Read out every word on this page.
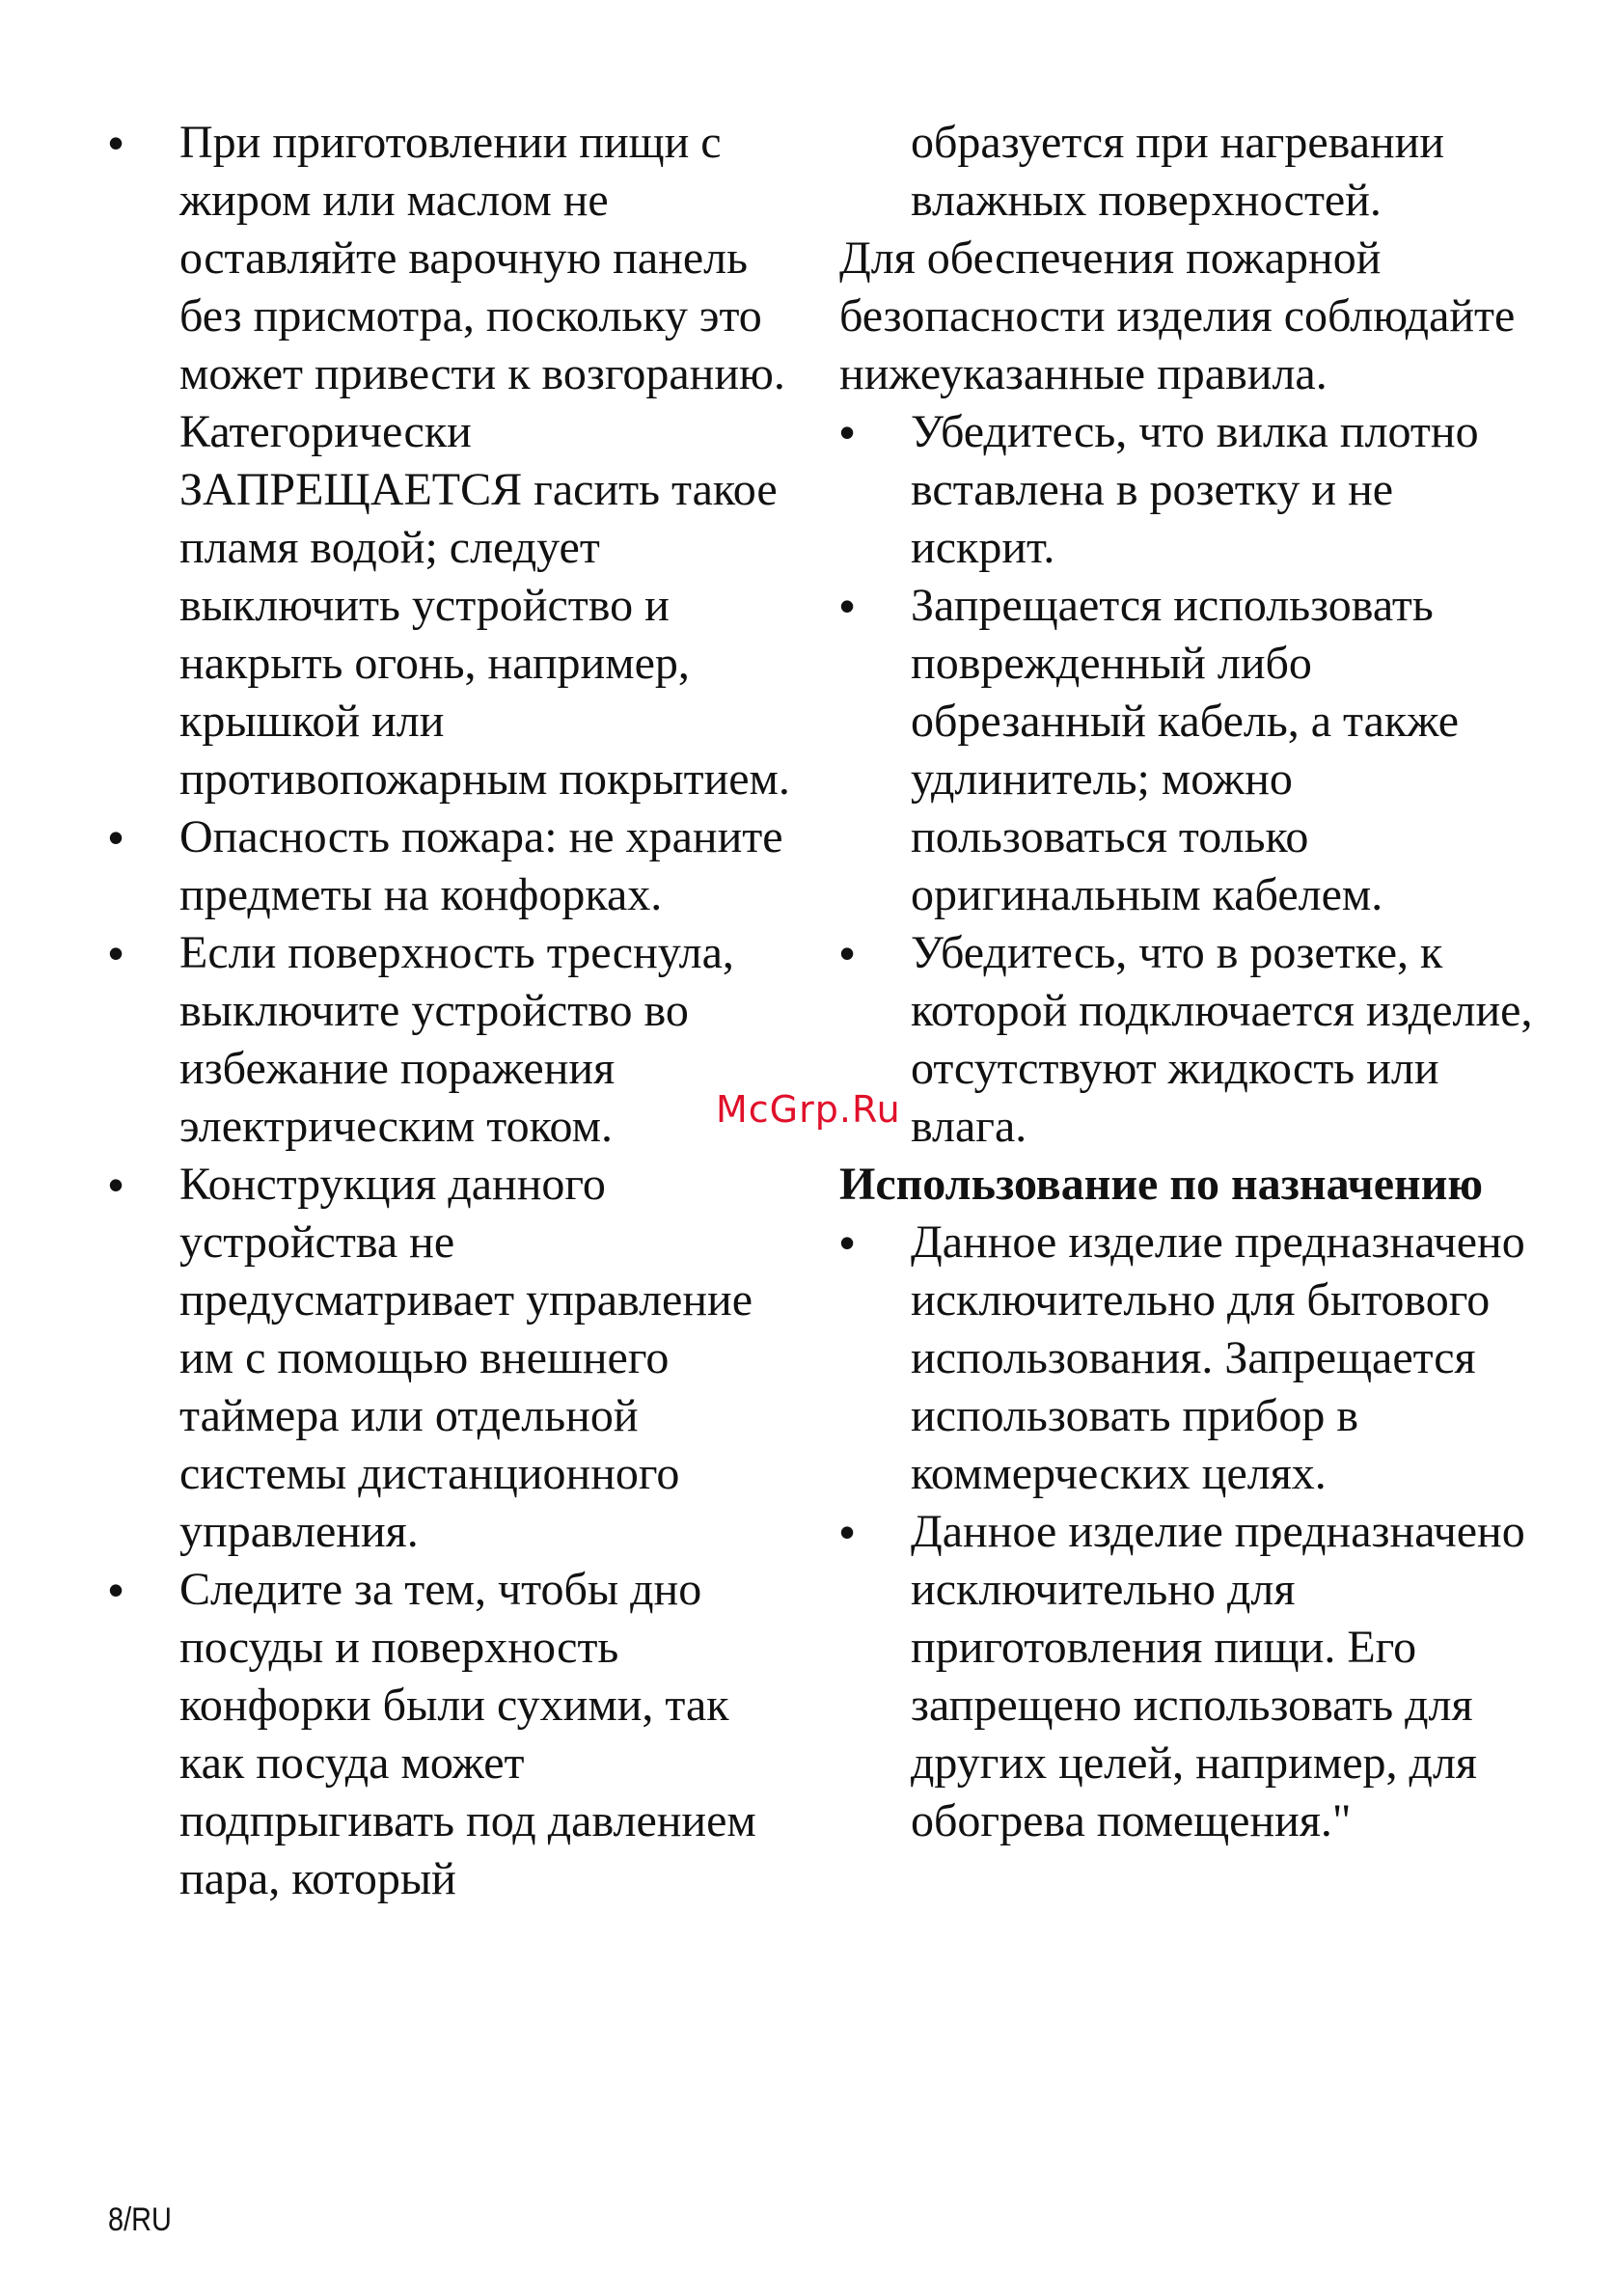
• При приготовлении пищи с жиром или маслом не оставляйте варочную панель без присмотра, поскольку это может привести к возгоранию. Категорически ЗАПРЕЩАЕТСЯ гасить такое пламя водой; следует выключить устройство и накрыть огонь, например, крышкой или противопожарным покрытием.
• Опасность пожара: не храните предметы на конфорках.
• Если поверхность треснула, выключите устройство во избежание поражения электрическим током.
• Конструкция данного устройства не предусматривает управление им с помощью внешнего таймера или отдельной системы дистанционного управления.
• Следите за тем, чтобы дно посуды и поверхность конфорки были сухими, так как посуда может подпрыгивать под давлением пара, который

образуется при нагревании влажных поверхностей.

Для обеспечения пожарной безопасности изделия соблюдайте нижеуказанные правила.

• Убедитесь, что вилка плотно вставлена в розетку и не искрит.
• Запрещается использовать поврежденный либо обрезанный кабель, а также удлинитель; можно пользоваться только оригинальным кабелем.
• Убедитесь, что в розетке, к которой подключается изделие, отсутствуют жидкость или влага.

Использование по назначению

• Данное изделие предназначено исключительно для бытового использования. Запрещается использовать прибор в коммерческих целях.
• Данное изделие предназначено исключительно для приготовления пищи. Его запрещено использовать для других целей, например, для обогрева помещения."
McGrp.Ru
8/RU
